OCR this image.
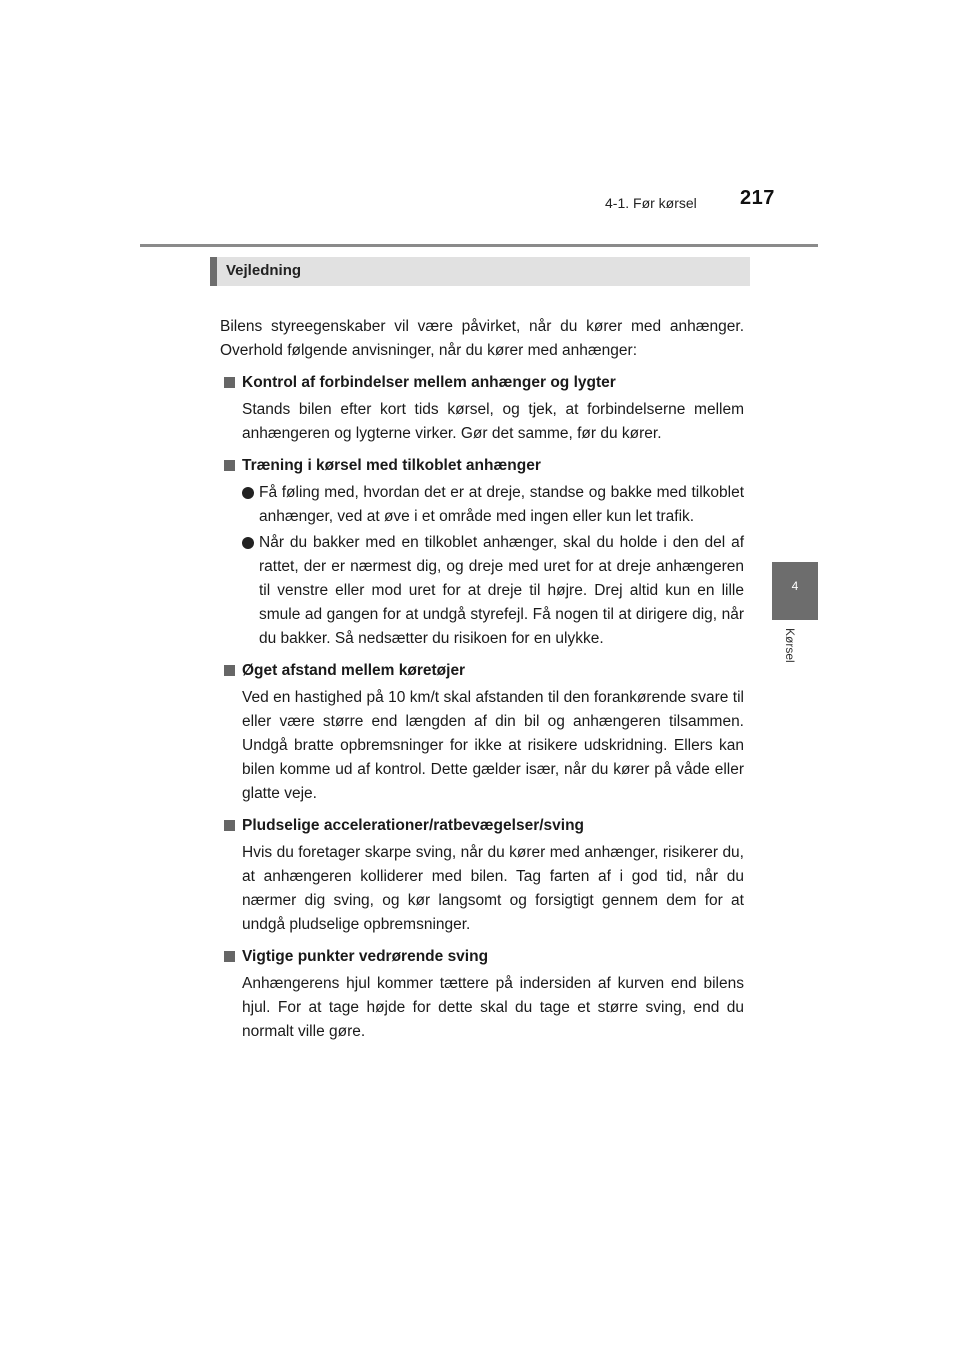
4-1. Før kørsel 217
4
Kørsel
Vejledning

Bilens styreegenskaber vil være påvirket, når du kører med anhænger. Overhold følgende anvisninger, når du kører med anhænger:

Kontrol af forbindelser mellem anhænger og lygter
Stands bilen efter kort tids kørsel, og tjek, at forbindelserne mellem anhængeren og lygterne virker. Gør det samme, før du kører.
Træning i kørsel med tilkoblet anhænger
Få føling med, hvordan det er at dreje, standse og bakke med tilkoblet anhænger, ved at øve i et område med ingen eller kun let trafik.
Når du bakker med en tilkoblet anhænger, skal du holde i den del af rattet, der er nærmest dig, og dreje med uret for at dreje anhængeren til venstre eller mod uret for at dreje til højre. Drej altid kun en lille smule ad gangen for at undgå styrefejl. Få nogen til at dirigere dig, når du bakker. Så nedsætter du risikoen for en ulykke.
Øget afstand mellem køretøjer
Ved en hastighed på 10 km/t skal afstanden til den forankørende svare til eller være større end længden af din bil og anhængeren tilsammen. Undgå bratte opbremsninger for ikke at risikere udskridning. Ellers kan bilen komme ud af kontrol. Dette gælder især, når du kører på våde eller glatte veje.
Pludselige accelerationer/ratbevægelser/sving
Hvis du foretager skarpe sving, når du kører med anhænger, risikerer du, at anhængeren kolliderer med bilen. Tag farten af i god tid, når du nærmer dig sving, og kør langsomt og forsigtigt gennem dem for at undgå pludselige opbremsninger.
Vigtige punkter vedrørende sving
Anhængerens hjul kommer tættere på indersiden af kurven end bilens hjul. For at tage højde for dette skal du tage et større sving, end du normalt ville gøre.
